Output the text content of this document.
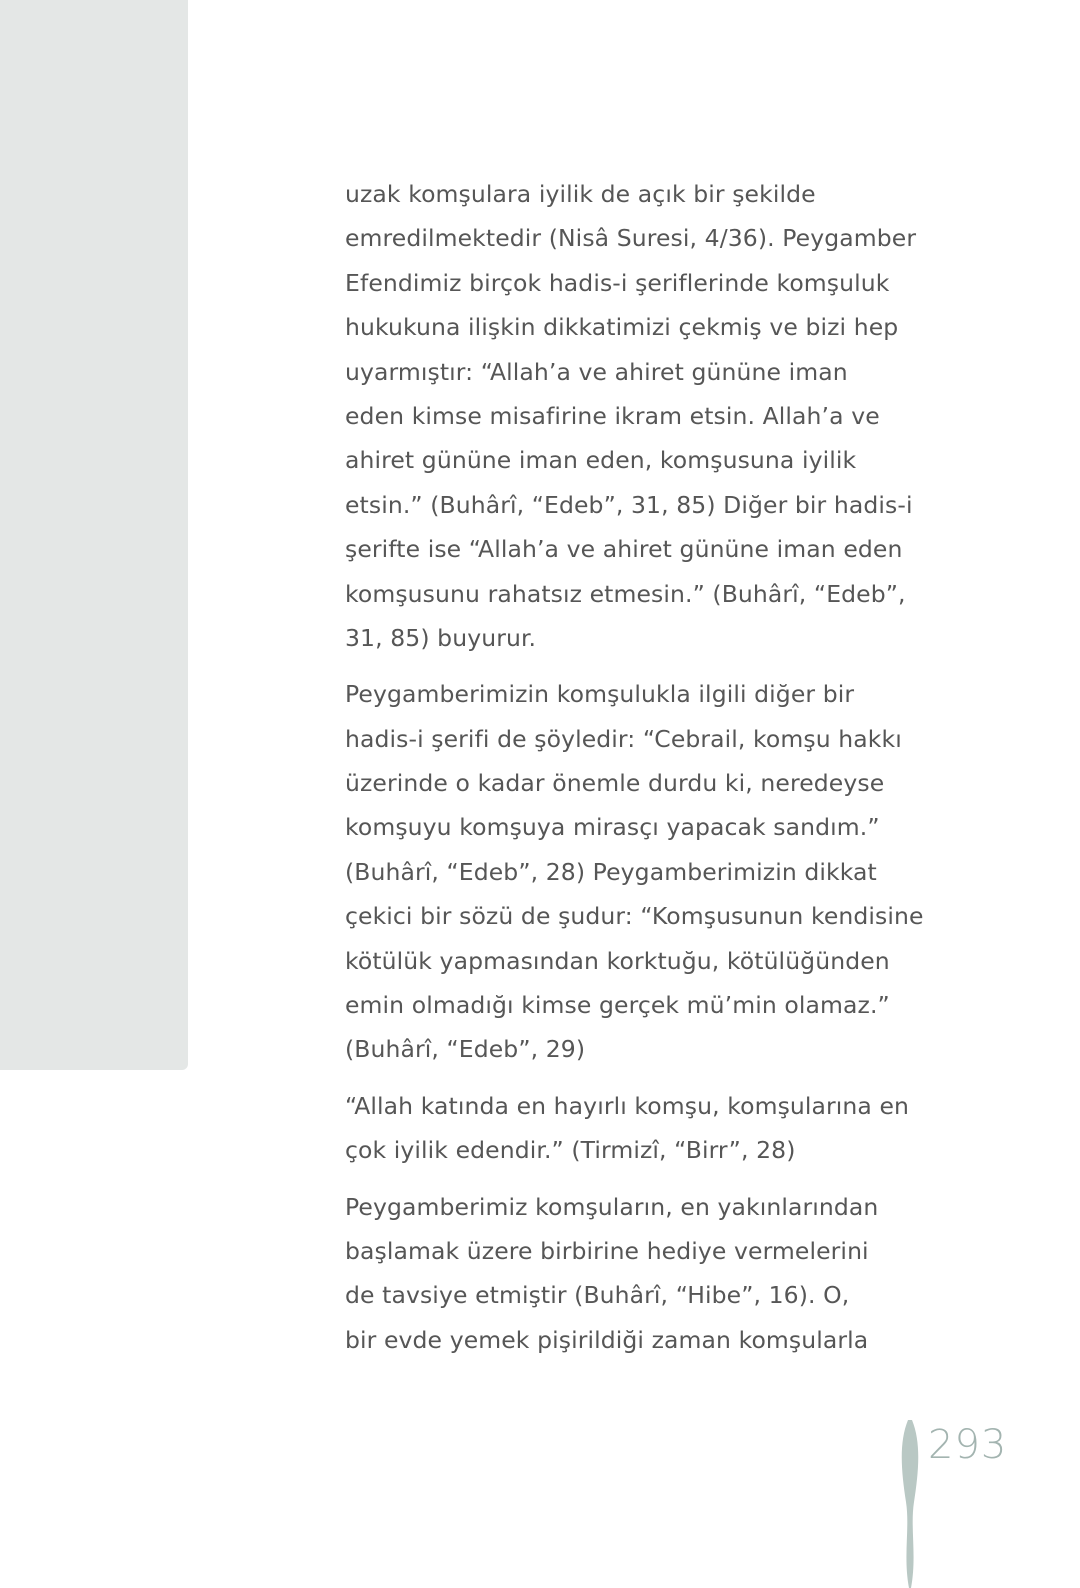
uzak komşulara iyilik de açık bir şekilde
emredilmektedir (Nisâ Suresi, 4/36). Peygamber
Efendimiz birçok hadis-i şeriflerinde komşuluk
hukukuna ilişkin dikkatimizi çekmiş ve bizi hep
uyarmıştır: “Allah’a ve ahiret gününe iman
eden kimse misafirine ikram etsin. Allah’a ve
ahiret gününe iman eden, komşusuna iyilik
etsin.” (Buhârî, “Edeb”, 31, 85) Diğer bir hadis-i
şerifte ise “Allah’a ve ahiret gününe iman eden
komşusunu rahatsız etmesin.” (Buhârî, “Edeb”,
31, 85) buyurur.

Peygamberimizin komşulukla ilgili diğer bir
hadis-i şerifi de şöyledir: “Cebrail, komşu hakkı
üzerinde o kadar önemle durdu ki, neredeyse
komşuyu komşuya mirasçı yapacak sandım.”
(Buhârî, “Edeb”, 28) Peygamberimizin dikkat
çekici bir sözü de şudur: “Komşusunun kendisine
kötülük yapmasından korktuğu, kötülüğünden
emin olmadığı kimse gerçek mü’min olamaz.”
(Buhârî, “Edeb”, 29)

“Allah katında en hayırlı komşu, komşularına en
çok iyilik edendir.” (Tirmizî, “Birr”, 28)

Peygamberimiz komşuların, en yakınlarından
başlamak üzere birbirine hediye vermelerini
de tavsiye etmiştir (Buhârî, “Hibe”, 16). O,
bir evde yemek pişirildiği zaman komşularla

293
